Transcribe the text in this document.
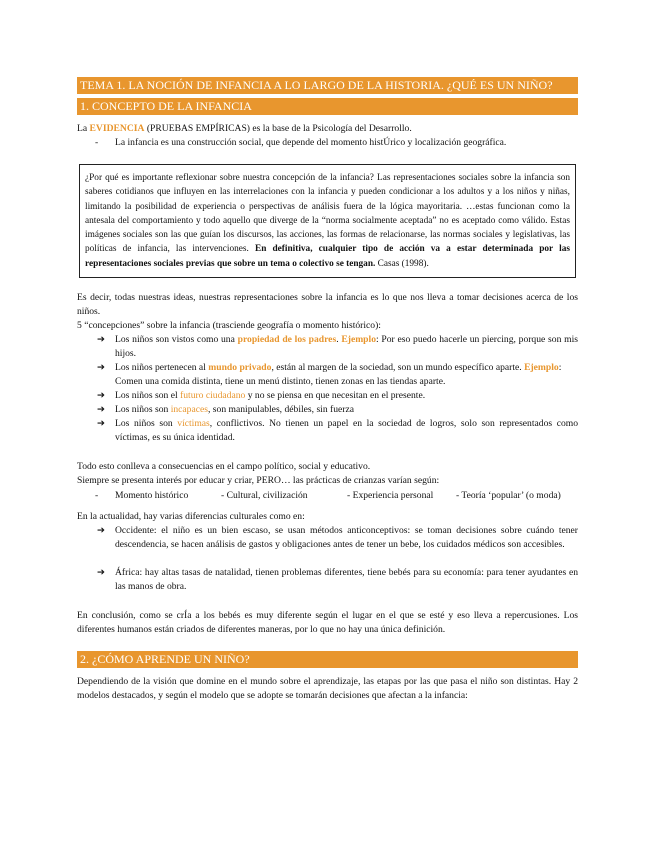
TEMA 1. LA NOCIÓN DE INFANCIA A LO LARGO DE LA HISTORIA. ¿QUÉ ES UN NIÑO?
1. CONCEPTO DE LA INFANCIA
La EVIDENCIA (PRUEBAS EMPÍRICAS) es la base de la Psicología del Desarrollo.
- La infancia es una construcción social, que depende del momento histÚrico y localización geográfica.
¿Por qué es importante reflexionar sobre nuestra concepción de la infancia? Las representaciones sociales sobre la infancia son saberes cotidianos que influyen en las interrelaciones con la infancia y pueden condicionar a los adultos y a los niños y niñas, limitando la posibilidad de experiencia o perspectivas de análisis fuera de la lógica mayoritaria. …estas funcionan como la antesala del comportamiento y todo aquello que diverge de la “norma socialmente aceptada” no es aceptado como válido. Estas imágenes sociales son las que guían los discursos, las acciones, las formas de relacionarse, las normas sociales y legislativas, las políticas de infancia, las intervenciones. En definitiva, cualquier tipo de acción va a estar determinada por las representaciones sociales previas que sobre un tema o colectivo se tengan. Casas (1998).
Es decir, todas nuestras ideas, nuestras representaciones sobre la infancia es lo que nos lleva a tomar decisiones acerca de los niños.
5 “concepciones” sobre la infancia (trasciende geografía o momento histórico):
➔	Los niños son vistos como una propiedad de los padres. Ejemplo: Por eso puedo hacerle un piercing, porque son mis hijos.
➔	Los niños pertenecen al mundo privado, están al margen de la sociedad, son un mundo específico aparte. Ejemplo: Comen una comida distinta, tiene un menú distinto, tienen zonas en las tiendas aparte.
➔	Los niños son el futuro ciudadano y no se piensa en que necesitan en el presente.
➔	Los niños son incapaces, son manipulables, débiles, sin fuerza
➔	Los niños son víctimas, conflictivos. No tienen un papel en la sociedad de logros, solo son representados como víctimas, es su única identidad.
Todo esto conlleva a consecuencias en el campo político, social y educativo.
Siempre se presenta interés por educar y criar, PERO… las prácticas de crianzas varían según:
- Momento histórico	- Cultural, civilización	- Experiencia personal - Teoría ‘popular’ (o moda)
En la actualidad, hay varias diferencias culturales como en:
➔	Occidente: el niño es un bien escaso, se usan métodos anticonceptivos: se toman decisiones sobre cuándo tener descendencia, se hacen análisis de gastos y obligaciones antes de tener un bebe, los cuidados médicos son accesibles.
➔	África: hay altas tasas de natalidad, tienen problemas diferentes, tiene bebés para su economía: para tener ayudantes en las manos de obra.
En conclusión, como se crÍa a los bebés es muy diferente según el lugar en el que se esté y eso lleva a repercusiones. Los diferentes humanos están criados de diferentes maneras, por lo que no hay una única definición.
2. ¿CÓMO APRENDE UN NIÑO?
Dependiendo de la visión que domine en el mundo sobre el aprendizaje, las etapas por las que pasa el niño son distintas. Hay 2 modelos destacados, y según el modelo que se adopte se tomarán decisiones que afectan a la infancia:
